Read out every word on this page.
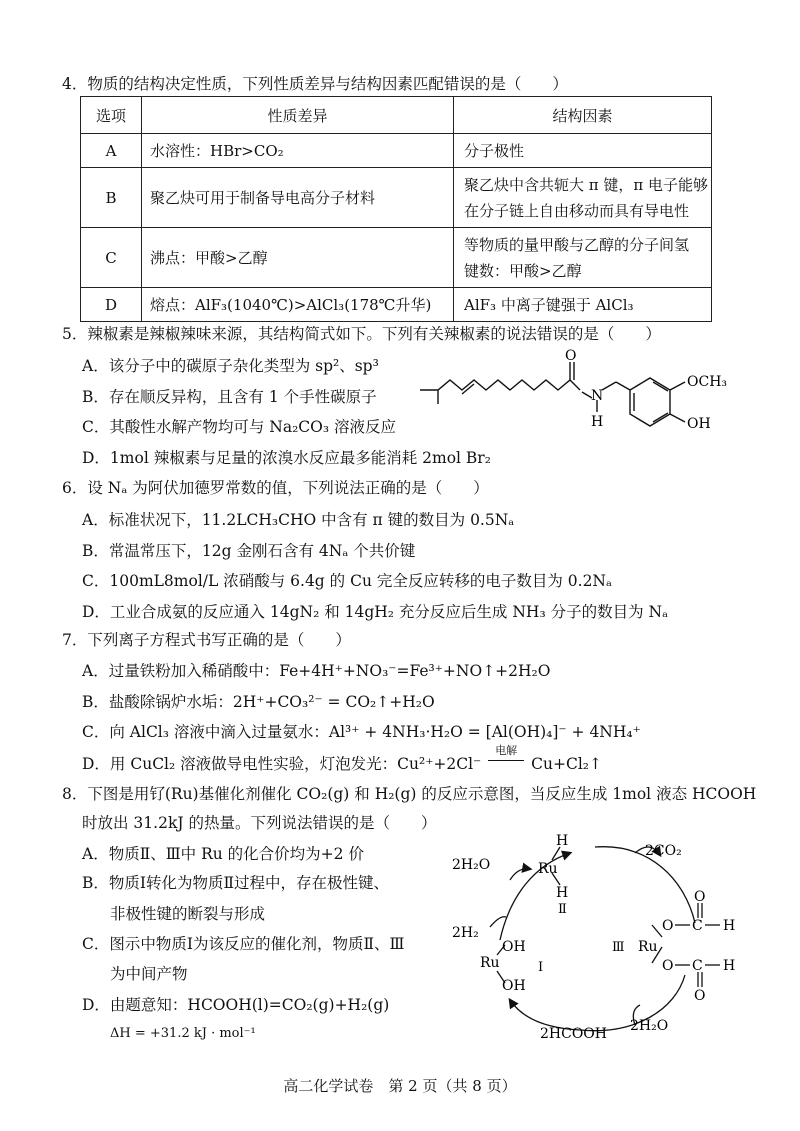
4．物质的结构决定性质，下列性质差异与结构因素匹配错误的是（　　）
选项	性质差异	结构因素
A	水溶性：HBr>CO₂	分子极性
B	聚乙炔可用于制备导电高分子材料	聚乙炔中含共轭大 π 键，π 电子能够
在分子链上自由移动而具有导电性
C	沸点：甲酸>乙醇	等物质的量甲酸与乙醇的分子间氢
键数：甲酸>乙醇
D	熔点：AlF₃(1040℃)>AlCl₃(178℃升华)	AlF₃ 中离子键强于 AlCl₃
5．辣椒素是辣椒辣味来源，其结构简式如下。下列有关辣椒素的说法错误的是（　　）
A．该分子中的碳原子杂化类型为 sp²、sp³
B．存在顺反异构，且含有 1 个手性碳原子
C．其酸性水解产物均可与 Na₂CO₃ 溶液反应
D．1mol 辣椒素与足量的浓溴水反应最多能消耗 2mol Br₂
O
N
H
OCH₃
OH
6．设 Nₐ 为阿伏加德罗常数的值，下列说法正确的是（　　）
A．标准状况下，11.2LCH₃CHO 中含有 π 键的数目为 0.5Nₐ
B．常温常压下，12g 金刚石含有 4Nₐ 个共价键
C．100mL8mol/L 浓硝酸与 6.4g 的 Cu 完全反应转移的电子数目为 0.2Nₐ
D．工业合成氨的反应通入 14gN₂ 和 14gH₂ 充分反应后生成 NH₃ 分子的数目为 Nₐ
7．下列离子方程式书写正确的是（　　）
A．过量铁粉加入稀硝酸中：Fe+4H⁺+NO₃⁻=Fe³⁺+NO↑+2H₂O
B．盐酸除锅炉水垢：2H⁺+CO₃²⁻ = CO₂↑+H₂O
C．向 AlCl₃ 溶液中滴入过量氨水：Al³⁺ + 4NH₃·H₂O = [Al(OH)₄]⁻ + 4NH₄⁺
D．用 CuCl₂ 溶液做导电性实验，灯泡发光：Cu²⁺+2Cl⁻
电解
Cu+Cl₂↑
8．下图是用钌(Ru)基催化剂催化 CO₂(g) 和 H₂(g) 的反应示意图，当反应生成 1mol 液态 HCOOH
时放出 31.2kJ 的热量。下列说法错误的是（　　）
A．物质Ⅱ、Ⅲ中 Ru 的化合价均为+2 价
B．物质Ⅰ转化为物质Ⅱ过程中，存在极性键、
非极性键的断裂与形成
C．图示中物质Ⅰ为该反应的催化剂，物质Ⅱ、Ⅲ
为中间产物
D．由题意知：HCOOH(l)=CO₂(g)+H₂(g)
ΔH = +31.2 kJ · mol⁻¹
2H₂O
2CO₂
2H₂
2H₂O
2HCOOH
Ru
H
H
Ⅱ
Ru
Ⅲ
O C H
O
O C H
O
Ru
OH
OH
I
高二化学试卷　第 2 页（共 8 页）
